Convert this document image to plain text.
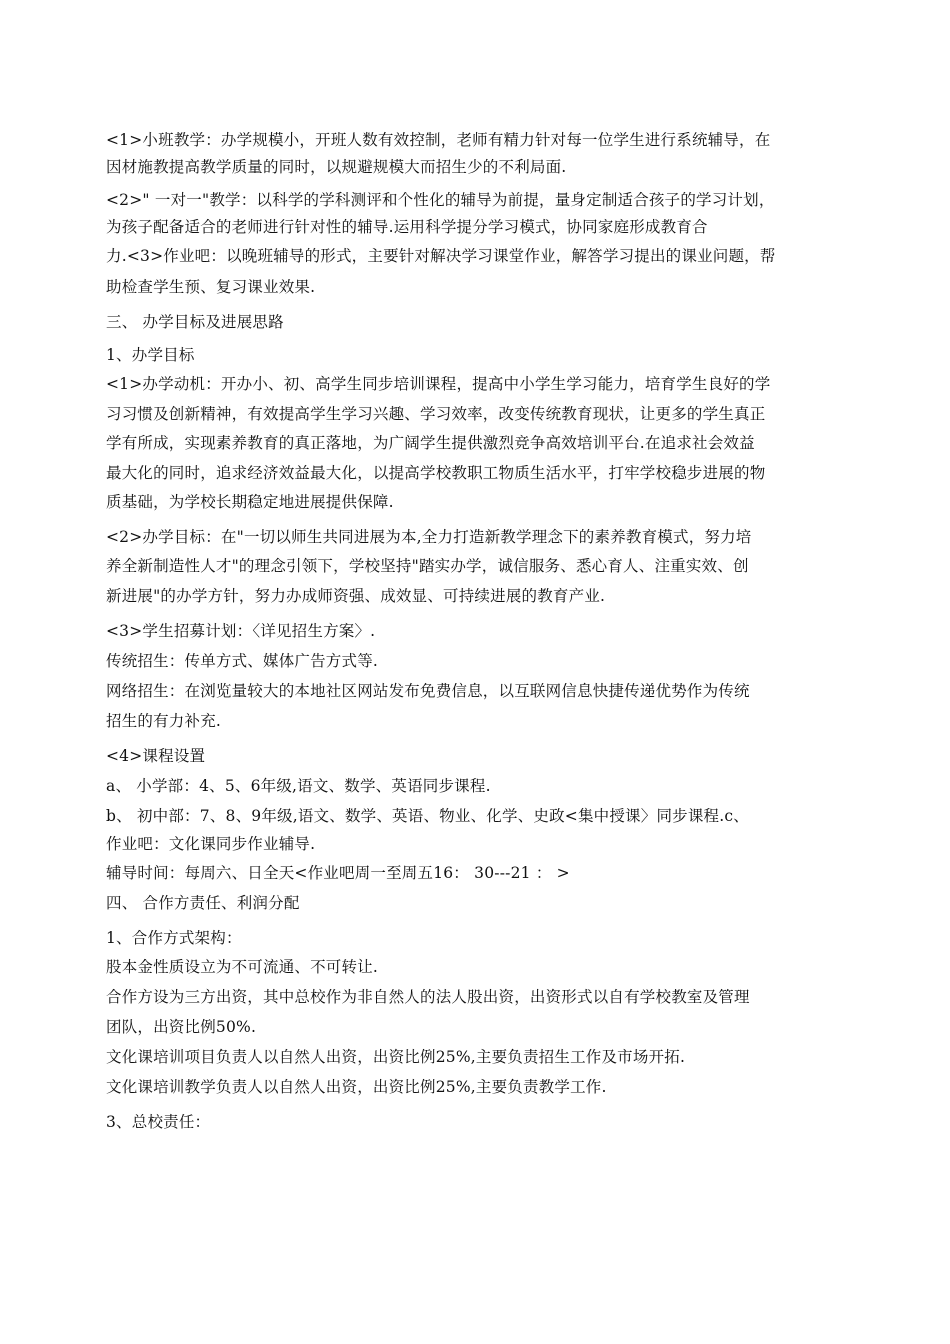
<1>小班教学：办学规模小，开班人数有效控制，老师有精力针对每一位学生进行系统辅导，在
因材施教提高教学质量的同时，以规避规模大而招生少的不利局面.
<2>" 一对一"教学：以科学的学科测评和个性化的辅导为前提，量身定制适合孩子的学习计划，
为孩子配备适合的老师进行针对性的辅导.运用科学提分学习模式，协同家庭形成教育合
力.<3>作业吧：以晚班辅导的形式，主要针对解决学习课堂作业，解答学习提出的课业问题，帮
助检查学生预、复习课业效果.
三、 办学目标及进展思路
1、办学目标
<1>办学动机：开办小、初、高学生同步培训课程，提高中小学生学习能力，培育学生良好的学
习习惯及创新精神，有效提高学生学习兴趣、学习效率，改变传统教育现状，让更多的学生真正
学有所成，实现素养教育的真正落地，为广阔学生提供激烈竞争高效培训平台.在追求社会效益
最大化的同时，追求经济效益最大化，以提高学校教职工物质生活水平，打牢学校稳步进展的物
质基础，为学校长期稳定地进展提供保障.
<2>办学目标：在"一切以师生共同进展为本,全力打造新教学理念下的素养教育模式，努力培
养全新制造性人才"的理念引领下，学校坚持"踏实办学，诚信服务、悉心育人、注重实效、创
新进展"的办学方针，努力办成师资强、成效显、可持续进展的教育产业.
<3>学生招募计划：〈详见招生方案〉.
传统招生：传单方式、媒体广告方式等.
网络招生：在浏览量较大的本地社区网站发布免费信息，以互联网信息快捷传递优势作为传统
招生的有力补充.
<4>课程设置
a、 小学部：4、5、6年级,语文、数学、英语同步课程.
b、 初中部：7、8、9年级,语文、数学、英语、物业、化学、史政<集中授课〉同步课程.c、
作业吧：文化课同步作业辅导.
辅导时间：每周六、日全天<作业吧周一至周五16： 30---21 ： >
四、 合作方责任、利润分配
1、合作方式架构：
股本金性质设立为不可流通、不可转让.
合作方设为三方出资，其中总校作为非自然人的法人股出资，出资形式以自有学校教室及管理
团队，出资比例50%.
文化课培训项目负责人以自然人出资，出资比例25%,主要负责招生工作及市场开拓.
文化课培训教学负责人以自然人出资，出资比例25%,主要负责教学工作.
3、总校责任：
